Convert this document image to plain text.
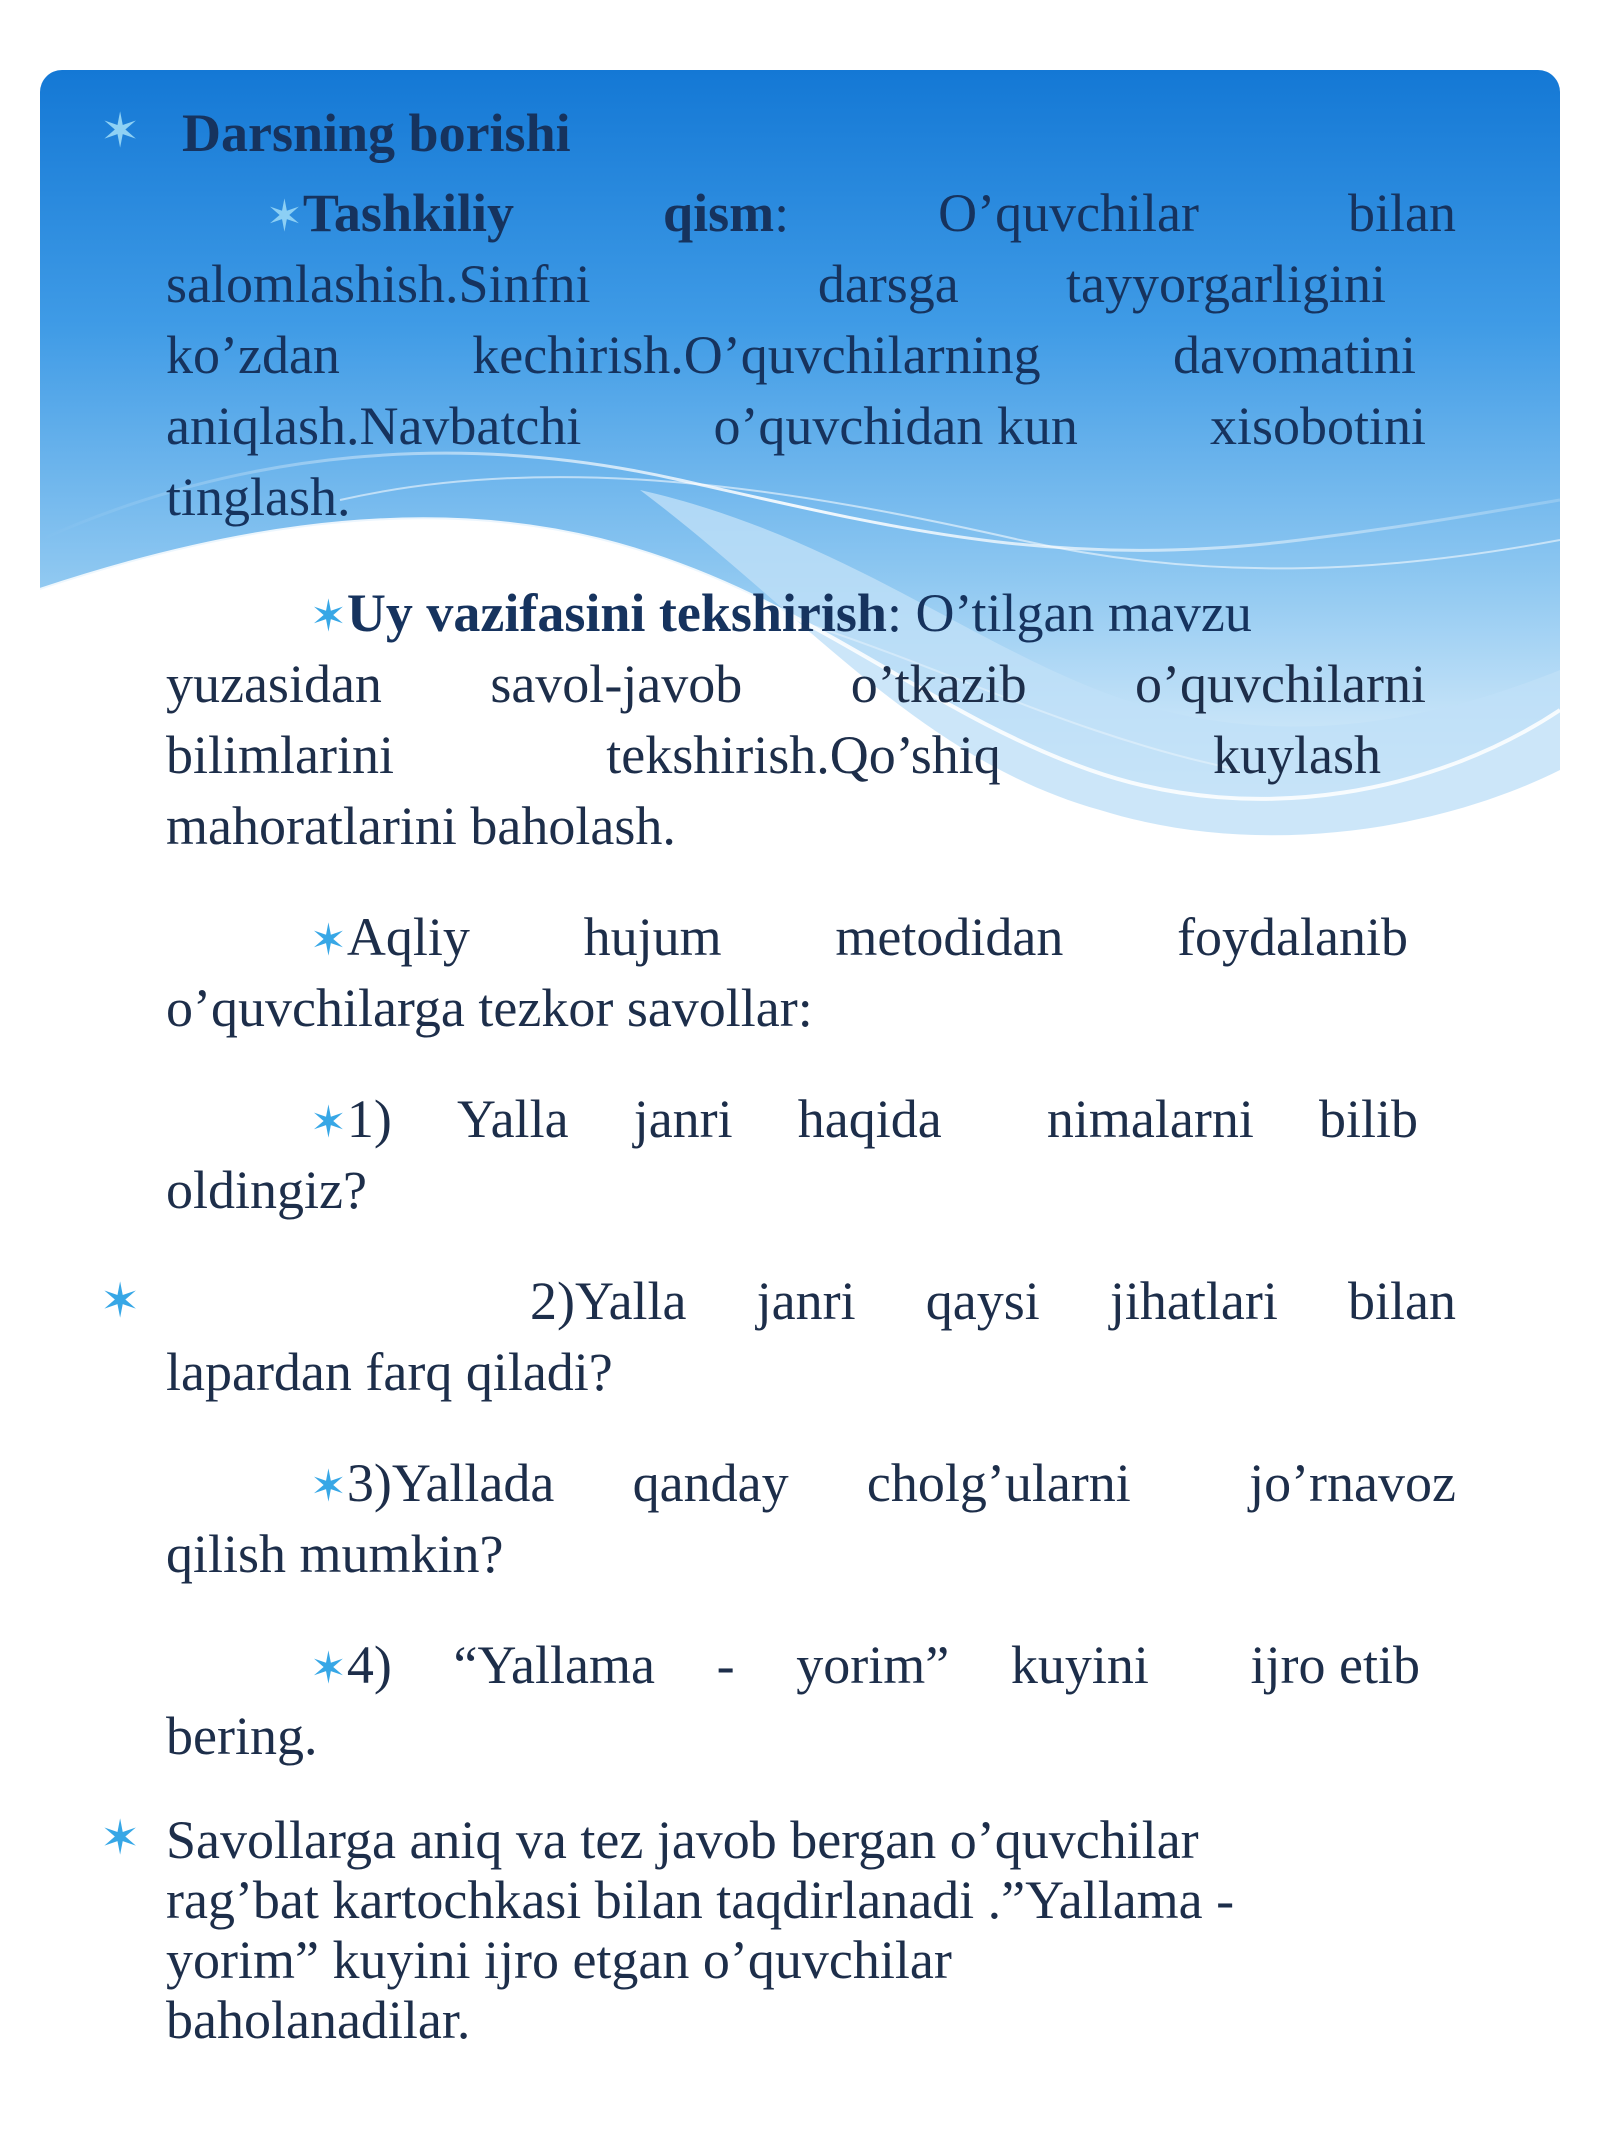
✶ Darsning borishi
✶Tashkiliy	qism:	O’quvchilar	bilan
salomlashish.Sinfni	darsga tayyorgarligini
ko’zdan kechirish.O’quvchilarning davomatini
aniqlash.Navbatchi o’quvchidan kun xisobotini
tinglash.
✶Uy vazifasini tekshirish: O’tilgan mavzu
yuzasidan savol-javob o’tkazib o’quvchilarni
bilimlarini	tekshirish.Qo’shiq	kuylash
mahoratlarini baholash.
✶Aqliy hujum metodidan foydalanib
o’quvchilarga tezkor savollar:
✶1) Yalla janri haqida nimalarni bilib
oldingiz?
✶	2)Yalla janri qaysi jihatlari bilan
lapardan farq qiladi?
✶3)Yallada qanday cholg’ularni jo’rnavoz
qilish mumkin?
✶4) “Yallama - yorim” kuyini ijro etib
bering.
✶ Savollarga aniq va tez javob bergan o’quvchilar
rag’bat kartochkasi bilan taqdirlanadi .”Yallama -
yorim” kuyini ijro etgan o’quvchilar
baholanadilar.
